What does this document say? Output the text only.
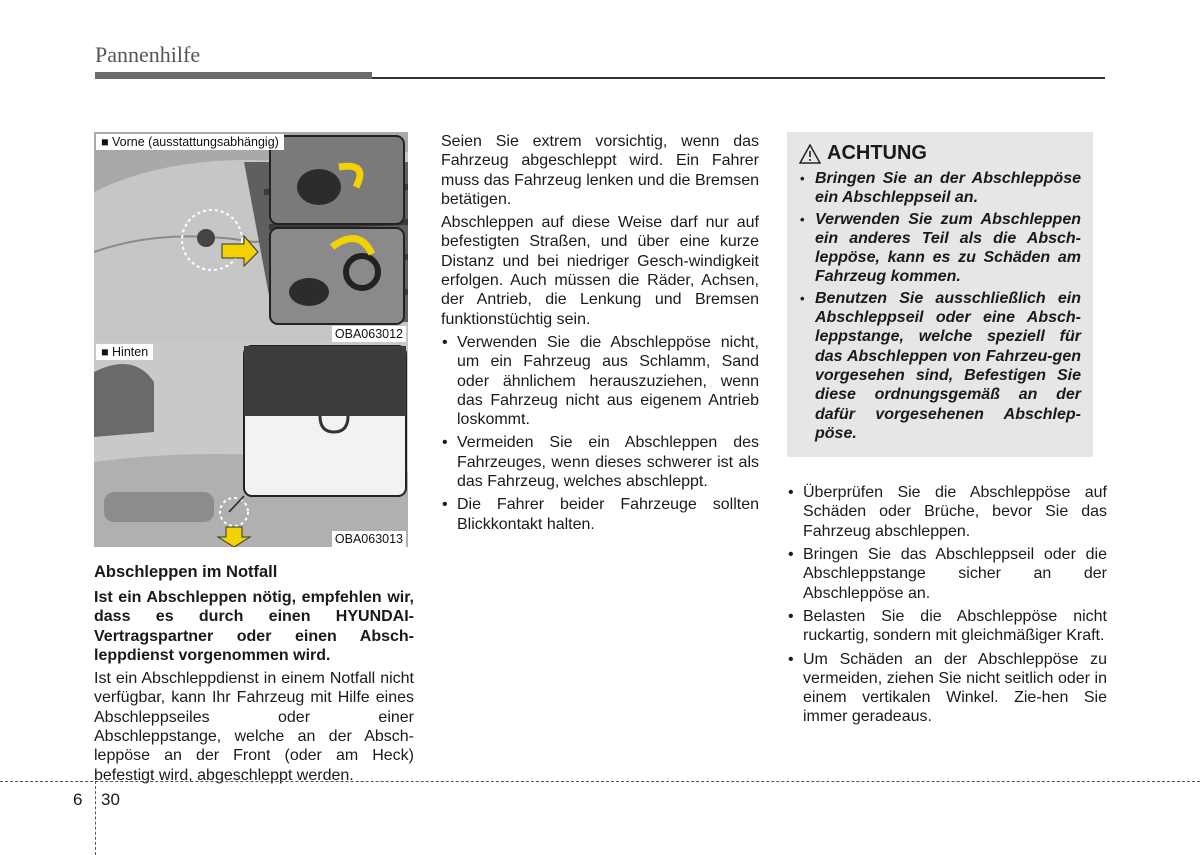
Pannenhilfe
■ Vorne (ausstattungsabhängig)
OBA063012
■ Hinten
OBA063013
Abschleppen im Notfall

Ist ein Abschleppen nötig, empfehlen wir, dass es durch einen HYUNDAI-Vertragspartner oder einen Absch-leppdienst vorgenommen wird.

Ist ein Abschleppdienst in einem Notfall nicht verfügbar, kann Ihr Fahrzeug mit Hilfe eines Abschleppseiles oder einer Abschleppstange, welche an der Absch-leppöse an der Front (oder am Heck) befestigt wird, abgeschleppt werden.

Seien Sie extrem vorsichtig, wenn das Fahrzeug abgeschleppt wird. Ein Fahrer muss das Fahrzeug lenken und die Bremsen betätigen.

Abschleppen auf diese Weise darf nur auf befestigten Straßen, und über eine kurze Distanz und bei niedriger Gesch-windigkeit erfolgen. Auch müssen die Räder, Achsen, der Antrieb, die Lenkung und Bremsen funktionstüchtig sein.

• Verwenden Sie die Abschleppöse nicht, um ein Fahrzeug aus Schlamm, Sand oder ähnlichem herauszuziehen, wenn das Fahrzeug nicht aus eigenem Antrieb loskommt.
• Vermeiden Sie ein Abschleppen des Fahrzeuges, wenn dieses schwerer ist als das Fahrzeug, welches abschleppt.
• Die Fahrer beider Fahrzeuge sollten Blickkontakt halten.
ACHTUNG
• Bringen Sie an der Abschleppöse ein Abschleppseil an.
• Verwenden Sie zum Abschleppen ein anderes Teil als die Absch-leppöse, kann es zu Schäden am Fahrzeug kommen.
• Benutzen Sie ausschließlich ein Abschleppseil oder eine Absch-leppstange, welche speziell für das Abschleppen von Fahrzeu-gen vorgesehen sind, Befestigen Sie diese ordnungsgemäß an der dafür vorgesehenen Abschlep-pöse.
• Überprüfen Sie die Abschleppöse auf Schäden oder Brüche, bevor Sie das Fahrzeug abschleppen.
• Bringen Sie das Abschleppseil oder die Abschleppstange sicher an der Abschleppöse an.
• Belasten Sie die Abschleppöse nicht ruckartig, sondern mit gleichmäßiger Kraft.
• Um Schäden an der Abschleppöse zu vermeiden, ziehen Sie nicht seitlich oder in einem vertikalen Winkel. Zie-hen Sie immer geradeaus.
6 30
